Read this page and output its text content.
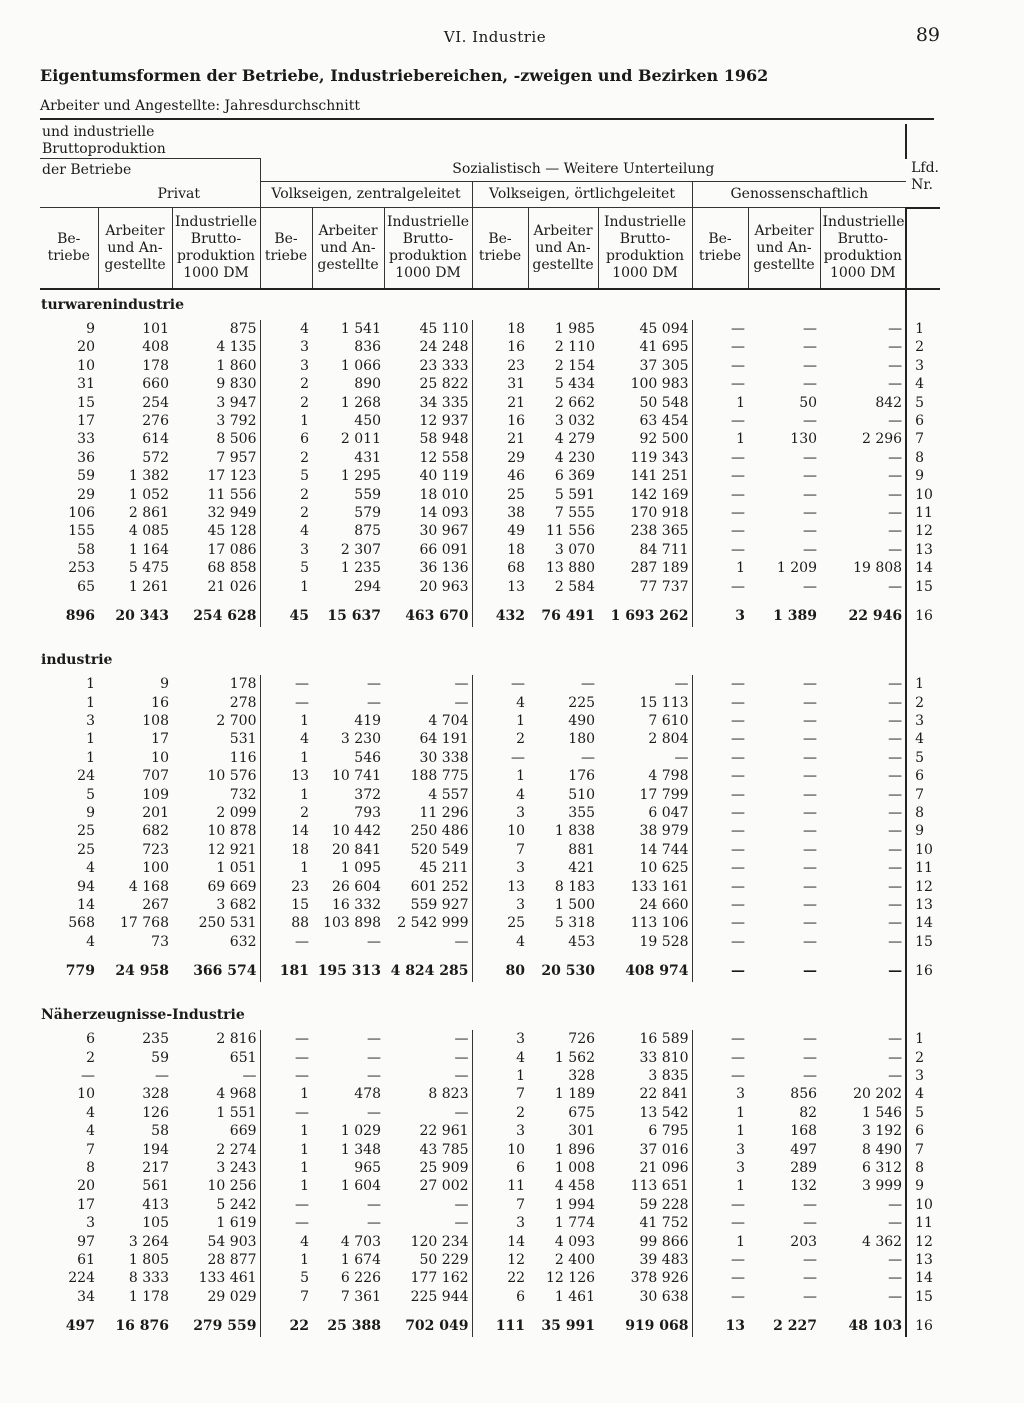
VI. Industrie	89
Eigentumsformen der Betriebe, Industriebereichen, -zweigen und Bezirken 1962
Arbeiter und Angestellte: Jahresdurchschnitt
und industrielle Bruttoproduktion												Lfd. Nr.
der Betriebe			Sozialistisch — Weitere Unterteilung									
Privat			Volkseigen, zentralgeleitet			Volkseigen, örtlichgeleitet			Genossenschaftlich			
Be-triebe	Arbeiter und An-gestellte	Industrielle Brutto-produktion 1000 DM	Be-triebe	Arbeiter und An-gestellte	Industrielle Brutto-produktion 1000 DM	Be-triebe	Arbeiter und An-gestellte	Industrielle Brutto-produktion 1000 DM	Be-triebe	Arbeiter und An-gestellte	Industrielle Brutto-produktion 1000 DM	
turwarenindustrie												
9	101	875	4	1 541	45 110	18	1 985	45 094	—	—	—	1
20	408	4 135	3	836	24 248	16	2 110	41 695	—	—	—	2
10	178	1 860	3	1 066	23 333	23	2 154	37 305	—	—	—	3
31	660	9 830	2	890	25 822	31	5 434	100 983	—	—	—	4
15	254	3 947	2	1 268	34 335	21	2 662	50 548	1	50	842	5
17	276	3 792	1	450	12 937	16	3 032	63 454	—	—	—	6
33	614	8 506	6	2 011	58 948	21	4 279	92 500	1	130	2 296	7
36	572	7 957	2	431	12 558	29	4 230	119 343	—	—	—	8
59	1 382	17 123	5	1 295	40 119	46	6 369	141 251	—	—	—	9
29	1 052	11 556	2	559	18 010	25	5 591	142 169	—	—	—	10
106	2 861	32 949	2	579	14 093	38	7 555	170 918	—	—	—	11
155	4 085	45 128	4	875	30 967	49	11 556	238 365	—	—	—	12
58	1 164	17 086	3	2 307	66 091	18	3 070	84 711	—	—	—	13
253	5 475	68 858	5	1 235	36 136	68	13 880	287 189	1	1 209	19 808	14
65	1 261	21 026	1	294	20 963	13	2 584	77 737	—	—	—	15

896	20 343	254 628	45	15 637	463 670	432	76 491	1 693 262	3	1 389	22 946	16

industrie												
1	9	178	—	—	—	—	—	—	—	—	—	1
1	16	278	—	—	—	4	225	15 113	—	—	—	2
3	108	2 700	1	419	4 704	1	490	7 610	—	—	—	3
1	17	531	4	3 230	64 191	2	180	2 804	—	—	—	4
1	10	116	1	546	30 338	—	—	—	—	—	—	5
24	707	10 576	13	10 741	188 775	1	176	4 798	—	—	—	6
5	109	732	1	372	4 557	4	510	17 799	—	—	—	7
9	201	2 099	2	793	11 296	3	355	6 047	—	—	—	8
25	682	10 878	14	10 442	250 486	10	1 838	38 979	—	—	—	9
25	723	12 921	18	20 841	520 549	7	881	14 744	—	—	—	10
4	100	1 051	1	1 095	45 211	3	421	10 625	—	—	—	11
94	4 168	69 669	23	26 604	601 252	13	8 183	133 161	—	—	—	12
14	267	3 682	15	16 332	559 927	3	1 500	24 660	—	—	—	13
568	17 768	250 531	88	103 898	2 542 999	25	5 318	113 106	—	—	—	14
4	73	632	—	—	—	4	453	19 528	—	—	—	15

779	24 958	366 574	181	195 313	4 824 285	80	20 530	408 974	—	—	—	16

Näherzeugnisse-Industrie												
6	235	2 816	—	—	—	3	726	16 589	—	—	—	1
2	59	651	—	—	—	4	1 562	33 810	—	—	—	2
—	—	—	—	—	—	1	328	3 835	—	—	—	3
10	328	4 968	1	478	8 823	7	1 189	22 841	3	856	20 202	4
4	126	1 551	—	—	—	2	675	13 542	1	82	1 546	5
4	58	669	1	1 029	22 961	3	301	6 795	1	168	3 192	6
7	194	2 274	1	1 348	43 785	10	1 896	37 016	3	497	8 490	7
8	217	3 243	1	965	25 909	6	1 008	21 096	3	289	6 312	8
20	561	10 256	1	1 604	27 002	11	4 458	113 651	1	132	3 999	9
17	413	5 242	—	—	—	7	1 994	59 228	—	—	—	10
3	105	1 619	—	—	—	3	1 774	41 752	—	—	—	11
97	3 264	54 903	4	4 703	120 234	14	4 093	99 866	1	203	4 362	12
61	1 805	28 877	1	1 674	50 229	12	2 400	39 483	—	—	—	13
224	8 333	133 461	5	6 226	177 162	22	12 126	378 926	—	—	—	14
34	1 178	29 029	7	7 361	225 944	6	1 461	30 638	—	—	—	15

497	16 876	279 559	22	25 388	702 049	111	35 991	919 068	13	2 227	48 103	16
